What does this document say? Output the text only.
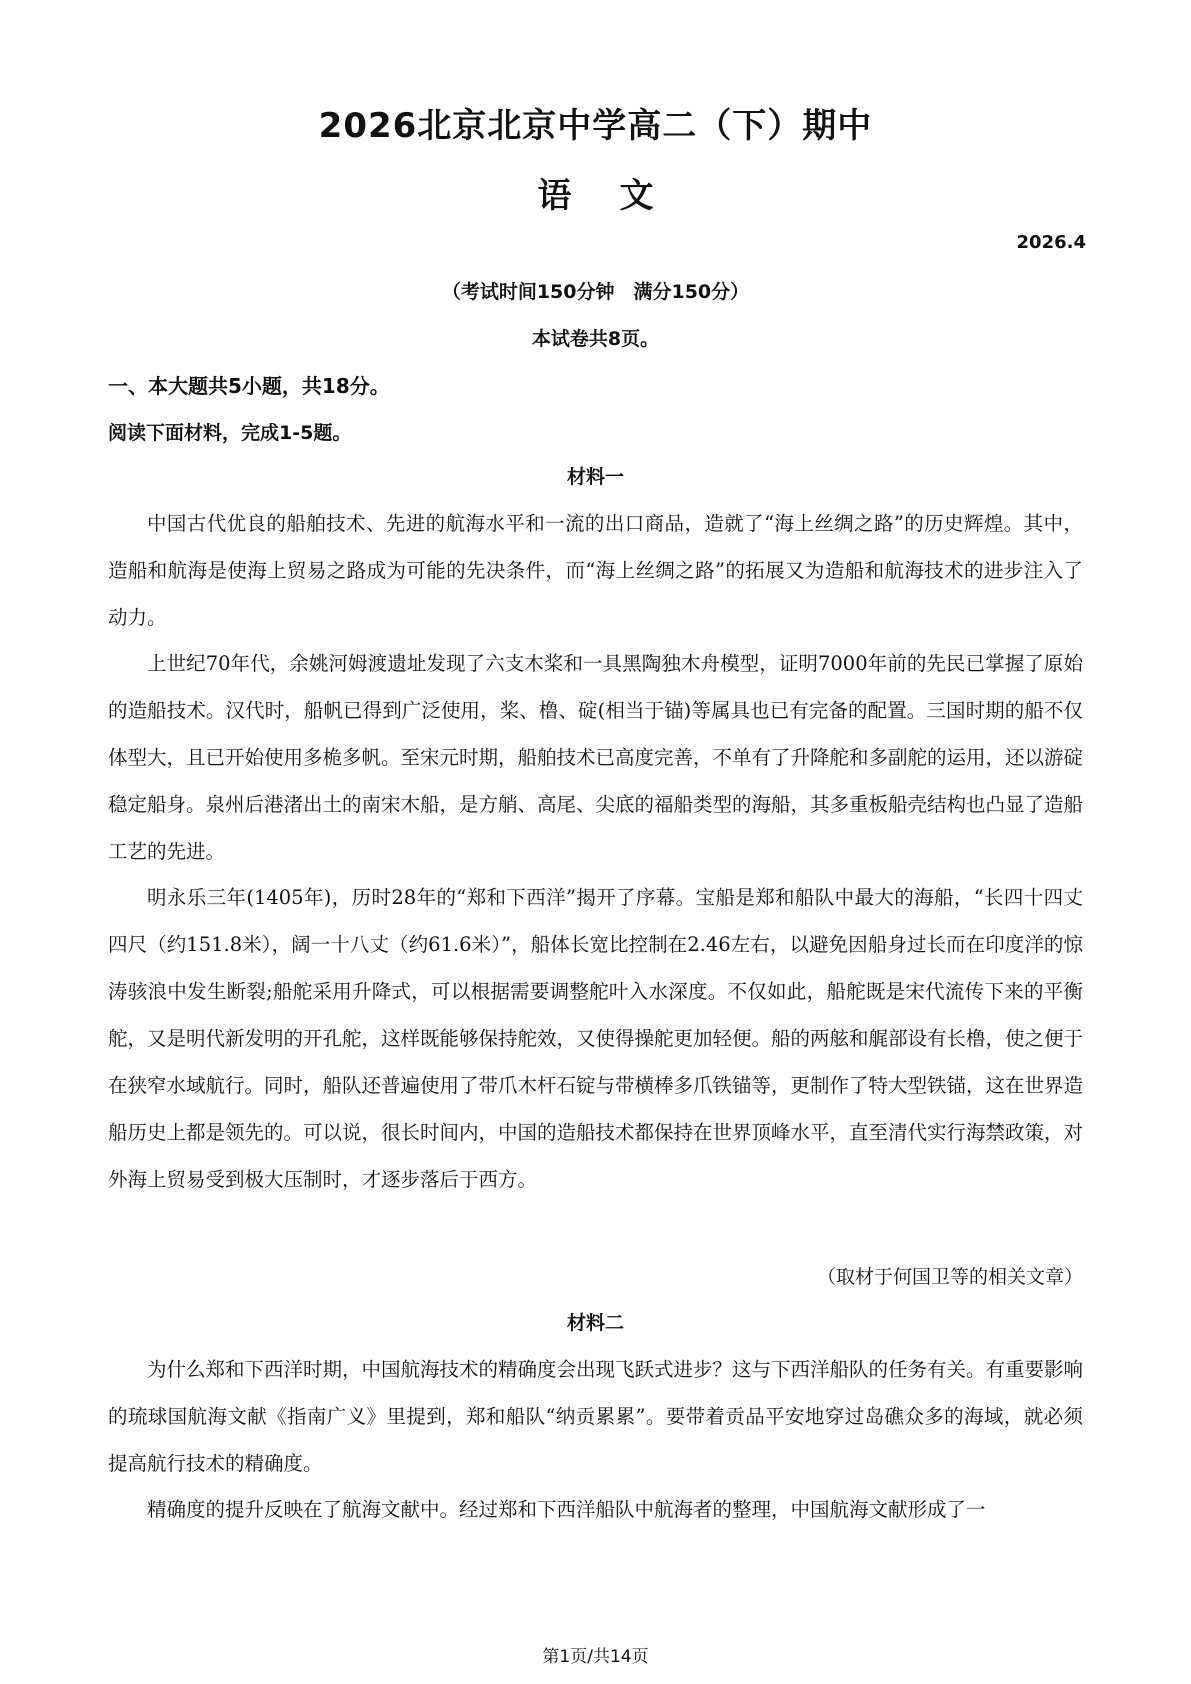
2026北京北京中学高二（下）期中
语文
2026.4
（考试时间150分钟　满分150分）
本试卷共8页。
一、本大题共5小题，共18分。
阅读下面材料，完成1-5题。
材料一

中国古代优良的船舶技术、先进的航海水平和一流的出口商品，造就了“海上丝绸之路”的历史辉煌。其中，造船和航海是使海上贸易之路成为可能的先决条件，而“海上丝绸之路”的拓展又为造船和航海技术的进步注入了动力。

上世纪70年代，余姚河姆渡遗址发现了六支木桨和一具黑陶独木舟模型，证明7000年前的先民已掌握了原始的造船技术。汉代时，船帆已得到广泛使用，桨、橹、碇(相当于锚)等属具也已有完备的配置。三国时期的船不仅体型大，且已开始使用多桅多帆。至宋元时期，船舶技术已高度完善，不单有了升降舵和多副舵的运用，还以游碇稳定船身。泉州后港渚出土的南宋木船，是方艄、高尾、尖底的福船类型的海船，其多重板船壳结构也凸显了造船工艺的先进。

明永乐三年(1405年)，历时28年的“郑和下西洋”揭开了序幕。宝船是郑和船队中最大的海船，“长四十四丈四尺（约151.8米），阔一十八丈（约61.6米）”，船体长宽比控制在2.46左右，以避免因船身过长而在印度洋的惊涛骇浪中发生断裂;船舵采用升降式，可以根据需要调整舵叶入水深度。不仅如此，船舵既是宋代流传下来的平衡舵，又是明代新发明的开孔舵，这样既能够保持舵效，又使得操舵更加轻便。船的两舷和艉部设有长橹，使之便于在狭窄水域航行。同时，船队还普遍使用了带爪木杆石锭与带横棒多爪铁锚等，更制作了特大型铁锚，这在世界造船历史上都是领先的。可以说，很长时间内，中国的造船技术都保持在世界顶峰水平，直至清代实行海禁政策，对外海上贸易受到极大压制时，才逐步落后于西方。

（取材于何国卫等的相关文章）
材料二

为什么郑和下西洋时期，中国航海技术的精确度会出现飞跃式进步？这与下西洋船队的任务有关。有重要影响的琉球国航海文献《指南广义》里提到，郑和船队“纳贡累累”。要带着贡品平安地穿过岛礁众多的海域，就必须提高航行技术的精确度。

精确度的提升反映在了航海文献中。经过郑和下西洋船队中航海者的整理，中国航海文献形成了一

第1页/共14页
